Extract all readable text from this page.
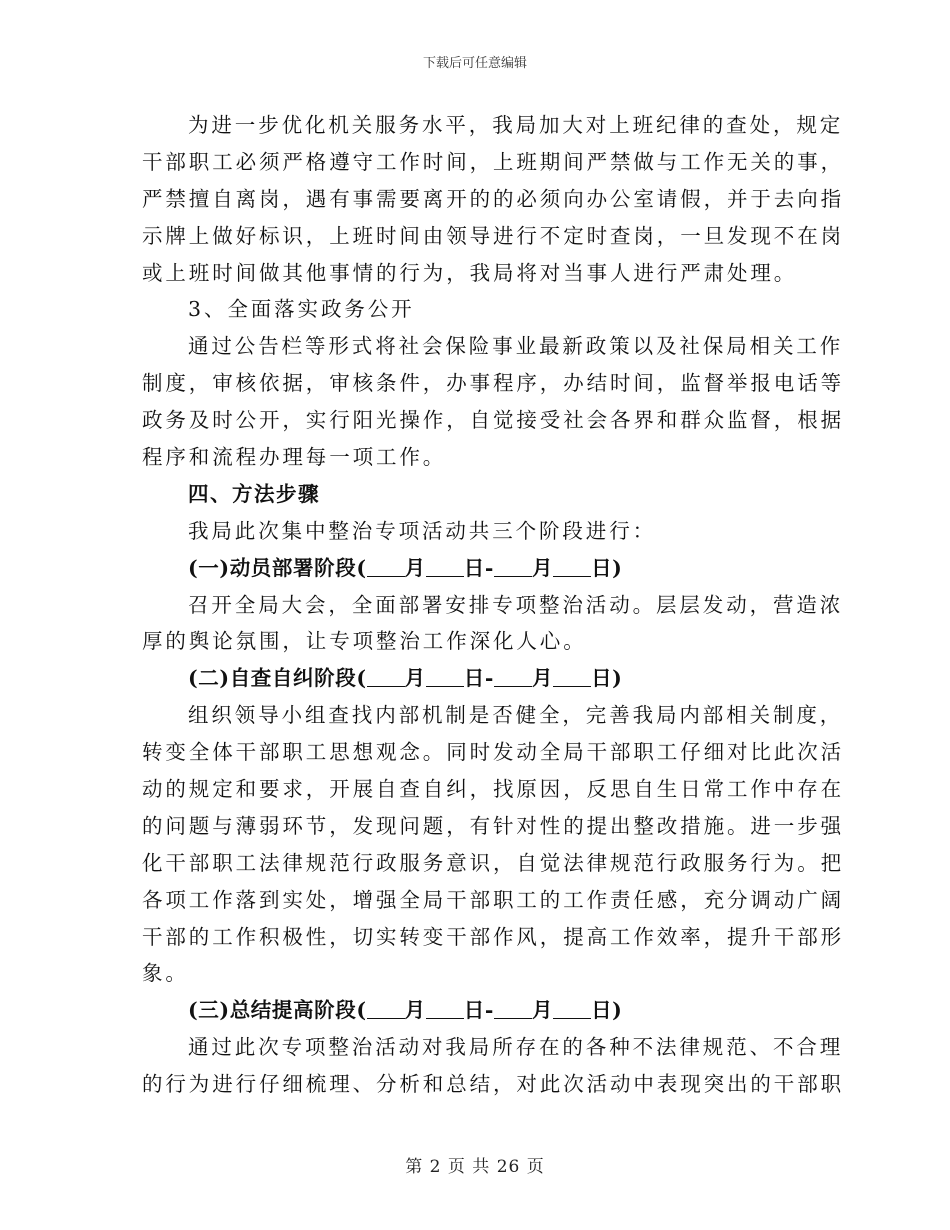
下载后可任意编辑
为进一步优化机关服务水平，我局加大对上班纪律的查处，规定
干部职工必须严格遵守工作时间，上班期间严禁做与工作无关的事，
严禁擅自离岗，遇有事需要离开的的必须向办公室请假，并于去向指
示牌上做好标识，上班时间由领导进行不定时查岗，一旦发现不在岗
或上班时间做其他事情的行为，我局将对当事人进行严肃处理。
3、全面落实政务公开
通过公告栏等形式将社会保险事业最新政策以及社保局相关工作
制度，审核依据，审核条件，办事程序，办结时间，监督举报电话等
政务及时公开，实行阳光操作，自觉接受社会各界和群众监督，根据
程序和流程办理每一项工作。
四、方法步骤
我局此次集中整治专项活动共三个阶段进行：
(一)动员部署阶段( 月 日- 月 日)
召开全局大会，全面部署安排专项整治活动。层层发动，营造浓
厚的舆论氛围，让专项整治工作深化人心。
(二)自查自纠阶段( 月 日- 月 日)
组织领导小组查找内部机制是否健全，完善我局内部相关制度，
转变全体干部职工思想观念。同时发动全局干部职工仔细对比此次活
动的规定和要求，开展自查自纠，找原因，反思自生日常工作中存在
的问题与薄弱环节，发现问题，有针对性的提出整改措施。进一步强
化干部职工法律规范行政服务意识，自觉法律规范行政服务行为。把
各项工作落到实处，增强全局干部职工的工作责任感，充分调动广阔
干部的工作积极性，切实转变干部作风，提高工作效率，提升干部形
象。
(三)总结提高阶段( 月 日- 月 日)
通过此次专项整治活动对我局所存在的各种不法律规范、不合理
的行为进行仔细梳理、分析和总结，对此次活动中表现突出的干部职
第 2 页 共 26 页
